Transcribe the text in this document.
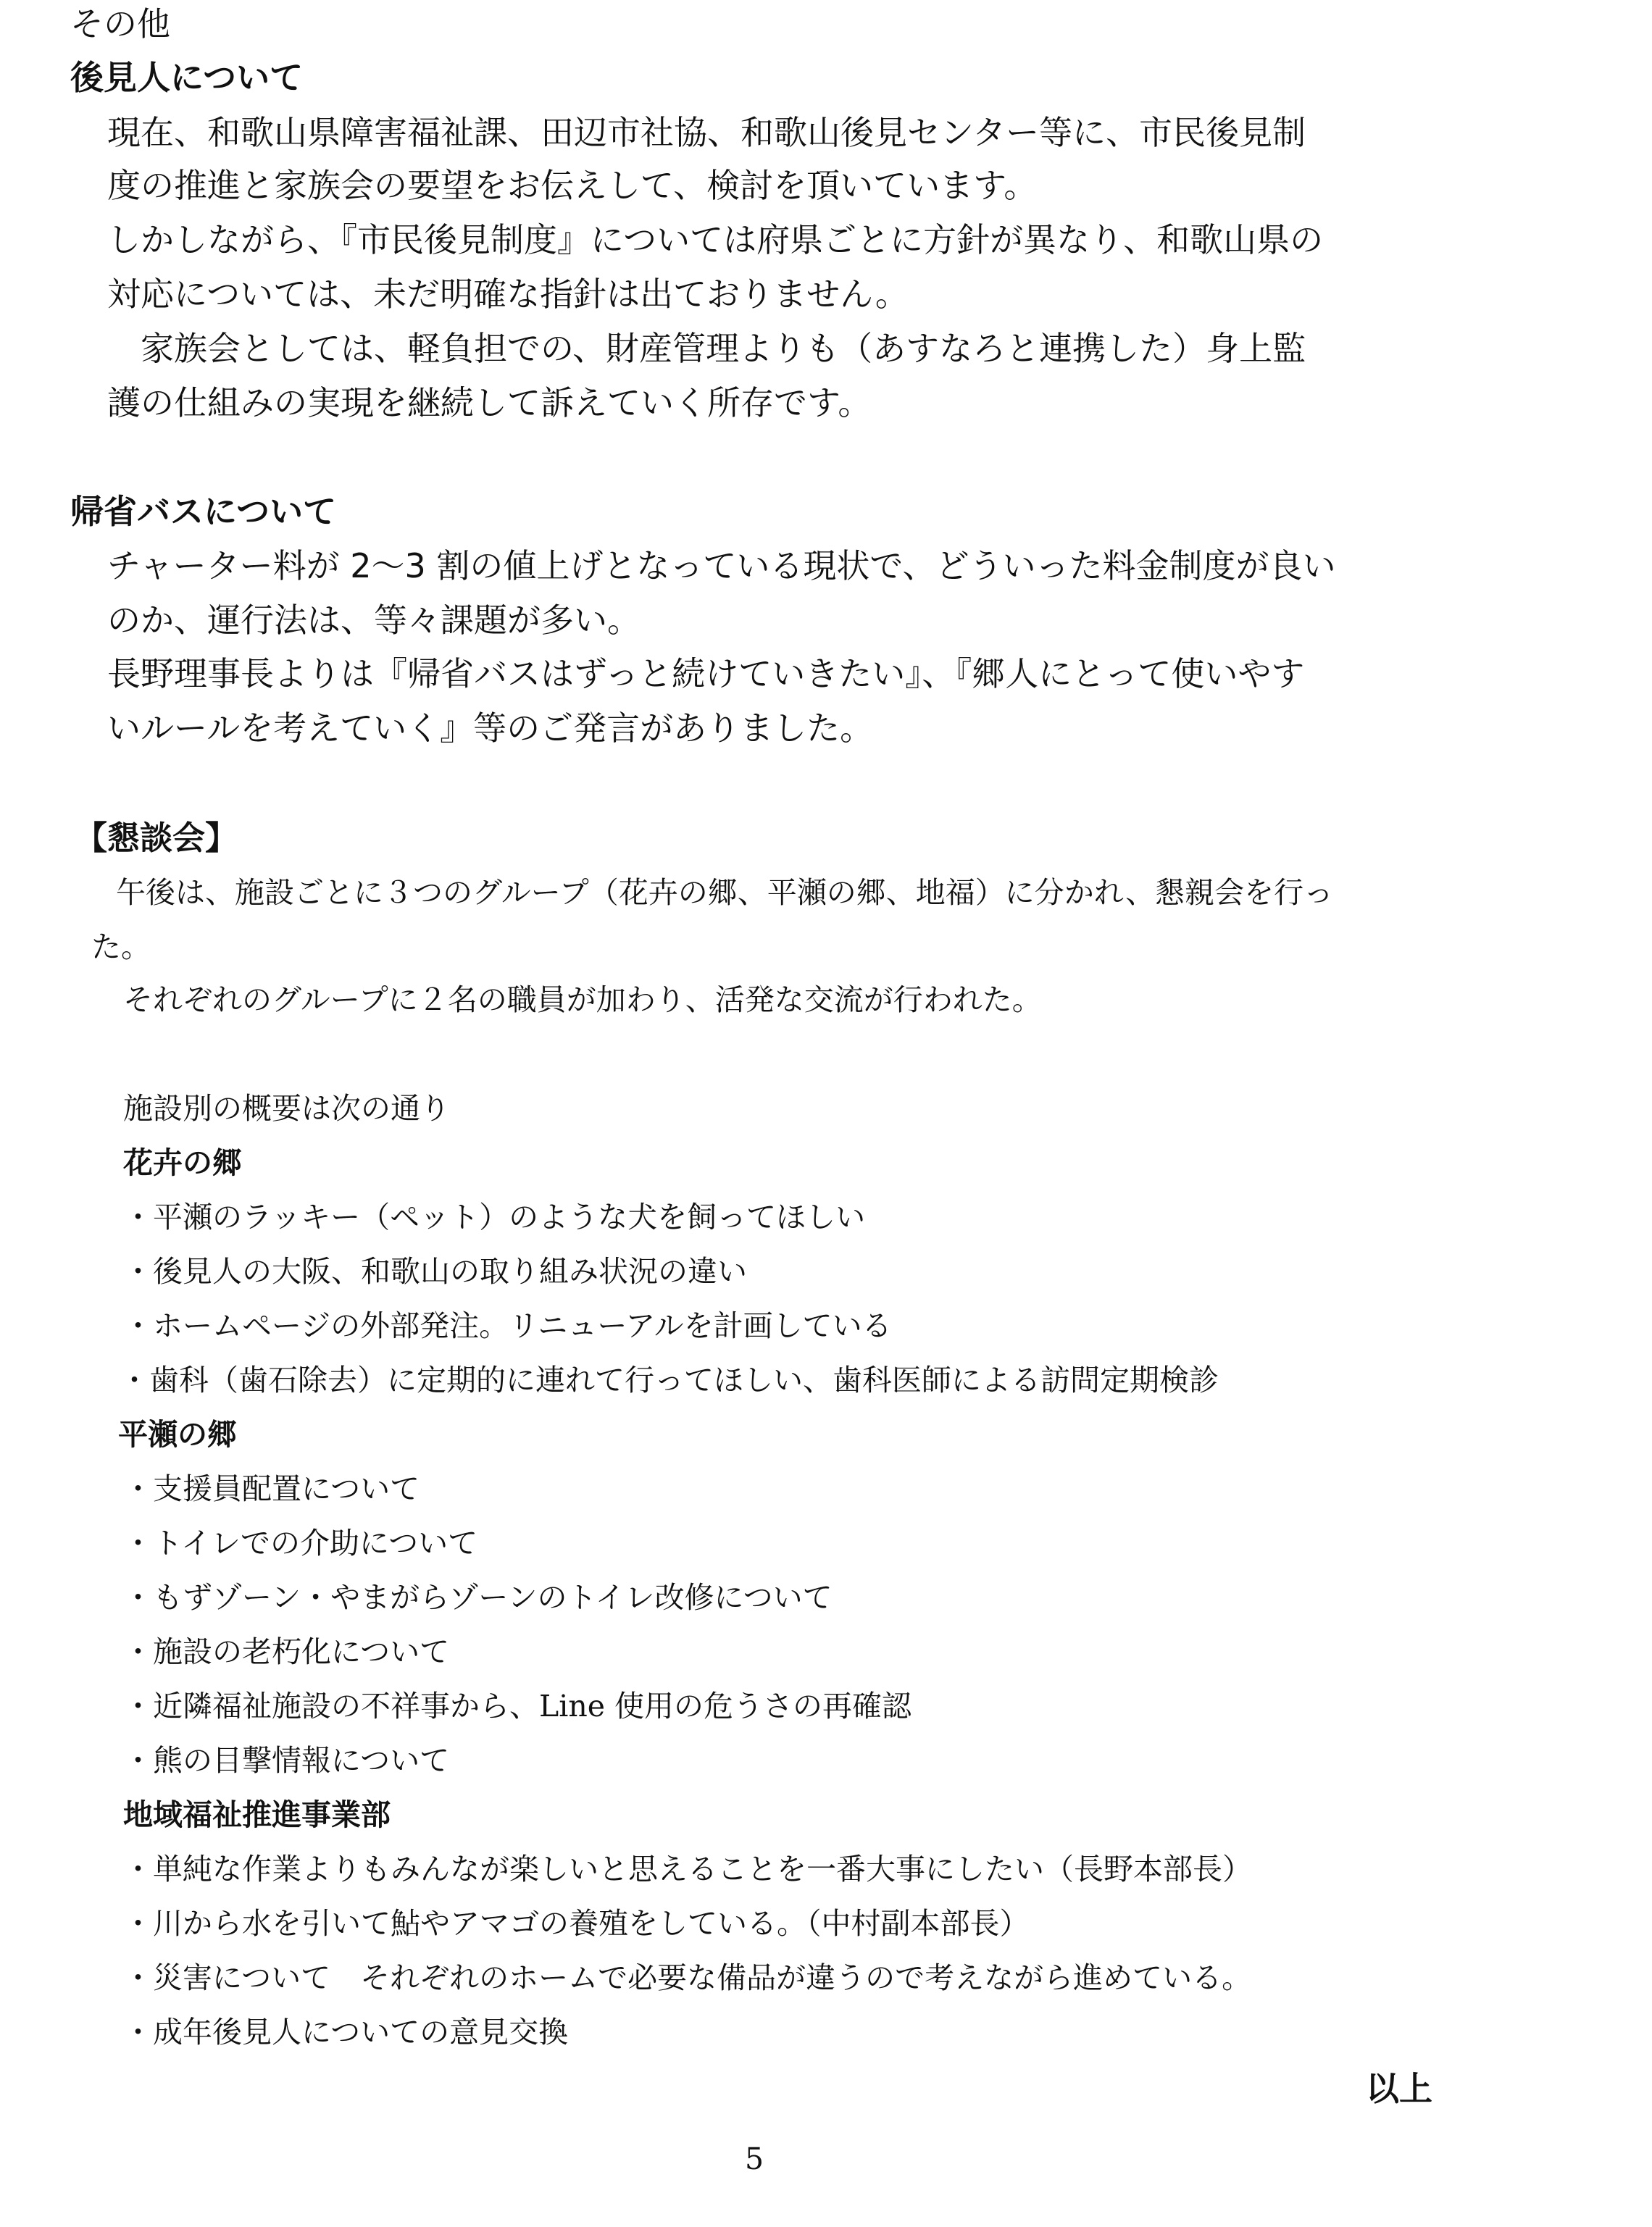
その他
後見人について
現在、和歌山県障害福祉課、田辺市社協、和歌山後見センター等に、市民後見制
度の推進と家族会の要望をお伝えして、検討を頂いています。
しかしながら、『市民後見制度』については府県ごとに方針が異なり、和歌山県の
対応については、未だ明確な指針は出ておりません。
　家族会としては、軽負担での、財産管理よりも（あすなろと連携した）身上監
護の仕組みの実現を継続して訴えていく所存です。
帰省バスについて
チャーター料が 2〜3 割の値上げとなっている現状で、どういった料金制度が良い
のか、運行法は、等々課題が多い。
長野理事長よりは『帰省バスはずっと続けていきたい』、『郷人にとって使いやす
いルールを考えていく』等のご発言がありました。
【懇談会】
午後は、施設ごとに３つのグループ（花卉の郷、平瀬の郷、地福）に分かれ、懇親会を行っ
た。
それぞれのグループに２名の職員が加わり、活発な交流が行われた。
施設別の概要は次の通り
花卉の郷
・平瀬のラッキー（ペット）のような犬を飼ってほしい
・後見人の大阪、和歌山の取り組み状況の違い
・ホームページの外部発注。リニューアルを計画している
・歯科（歯石除去）に定期的に連れて行ってほしい、歯科医師による訪問定期検診
平瀬の郷
・支援員配置について
・トイレでの介助について
・もずゾーン・やまがらゾーンのトイレ改修について
・施設の老朽化について
・近隣福祉施設の不祥事から、Line 使用の危うさの再確認
・熊の目撃情報について
地域福祉推進事業部
・単純な作業よりもみんなが楽しいと思えることを一番大事にしたい（長野本部長）
・川から水を引いて鮎やアマゴの養殖をしている。（中村副本部長）
・災害について　それぞれのホームで必要な備品が違うので考えながら進めている。
・成年後見人についての意見交換
以上
5
